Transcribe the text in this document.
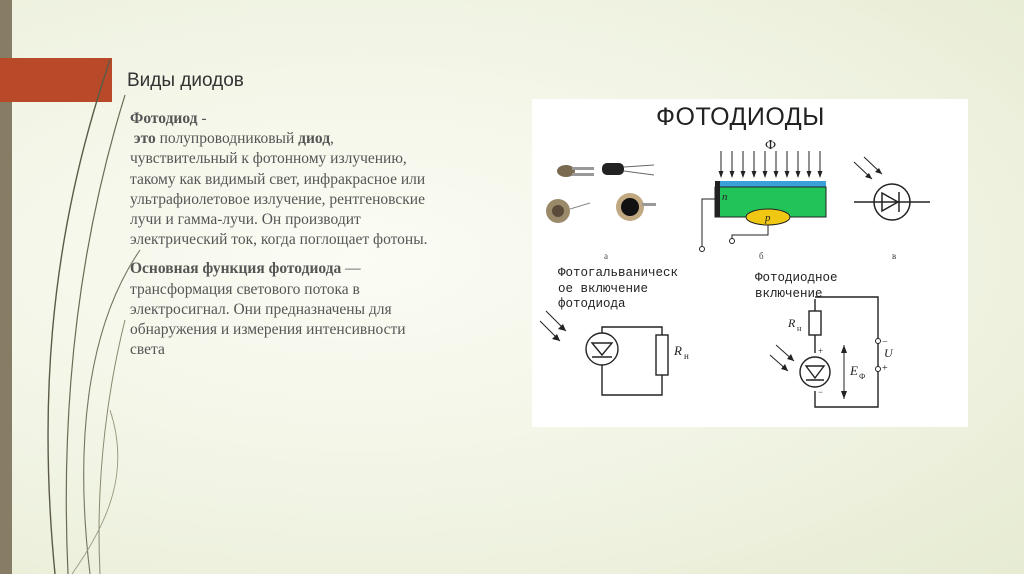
Виды диодов

Фотодиод -
это полупроводниковый диод, чувствительный к фотонному излучению, такому как видимый свет, инфракрасное или ультрафиолетовое излучение, рентгеновские лучи и гамма-лучи. Он производит электрический ток, когда поглощает фотоны.

Основная функция фотодиода — трансформация светового потока в электросигнал. Они предназначены для обнаружения и измерения интенсивности света

ФОТОДИОДЫ
а
Ф
n
p
б	в
R н
R н
E Ф
U
−
+
+
−
Фотогальваническ
ое включение
фотодиода
Фотодиодное
включение
